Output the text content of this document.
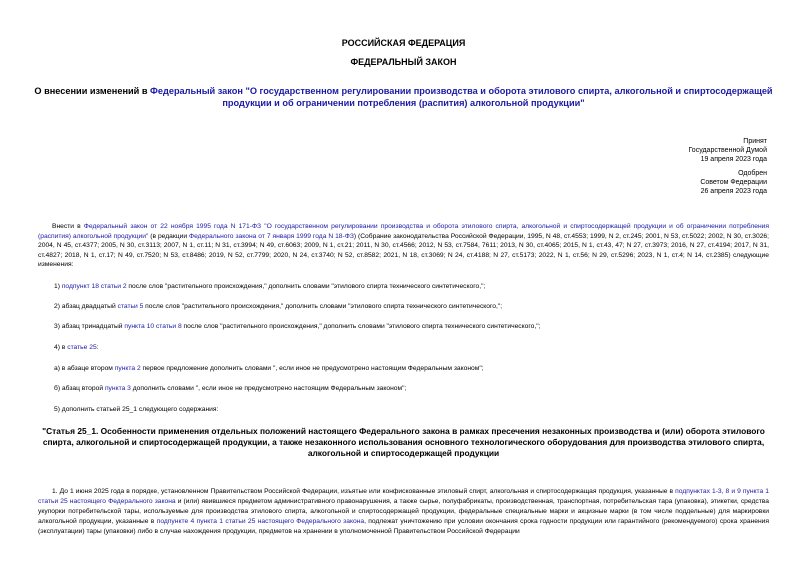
РОССИЙСКАЯ ФЕДЕРАЦИЯ
ФЕДЕРАЛЬНЫЙ ЗАКОН
О внесении изменений в Федеральный закон "О государственном регулировании производства и оборота этилового спирта, алкогольной и спиртосодержащей продукции и об ограничении потребления (распития) алкогольной продукции"
Принят
Государственной Думой
19 апреля 2023 года
Одобрен
Советом Федерации
26 апреля 2023 года
Внести в Федеральный закон от 22 ноября 1995 года N 171-ФЗ "О государственном регулировании производства и оборота этилового спирта, алкогольной и спиртосодержащей продукции и об ограничении потребления (распития) алкогольной продукции" (в редакции Федерального закона от 7 января 1999 года N 18-ФЗ) (Собрание законодательства Российской Федерации, 1995, N 48, ст.4553; 1999, N 2, ст.245; 2001, N 53, ст.5022; 2002, N 30, ст.3026; 2004, N 45, ст.4377; 2005, N 30, ст.3113; 2007, N 1, ст.11; N 31, ст.3994; N 49, ст.6063; 2009, N 1, ст.21; 2011, N 30, ст.4566; 2012, N 53, ст.7584, 7611; 2013, N 30, ст.4065; 2015, N 1, ст.43, 47; N 27, ст.3973; 2016, N 27, ст.4194; 2017, N 31, ст.4827; 2018, N 1, ст.17; N 49, ст.7520; N 53, ст.8486; 2019, N 52, ст.7799; 2020, N 24, ст.3740; N 52, ст.8582; 2021, N 18, ст.3069; N 24, ст.4188; N 27, ст.5173; 2022, N 1, ст.56; N 29, ст.5296; 2023, N 1, ст.4; N 14, ст.2385) следующие изменения:
1) подпункт 18 статьи 2 после слов "растительного происхождения," дополнить словами "этилового спирта технического синтетического,";
2) абзац двадцатый статьи 5 после слов "растительного происхождения," дополнить словами "этилового спирта технического синтетического,";
3) абзац тринадцатый пункта 10 статьи 8 после слов "растительного происхождения," дополнить словами "этилового спирта технического синтетического,";
4) в статье 25:
а) в абзаце втором пункта 2 первое предложение дополнить словами ", если иное не предусмотрено настоящим Федеральным законом";
б) абзац второй пункта 3 дополнить словами ", если иное не предусмотрено настоящим Федеральным законом";
5) дополнить статьей 25_1 следующего содержания:
"Статья 25_1. Особенности применения отдельных положений настоящего Федерального закона в рамках пресечения незаконных производства и (или) оборота этилового спирта, алкогольной и спиртосодержащей продукции, а также незаконного использования основного технологического оборудования для производства этилового спирта, алкогольной и спиртосодержащей продукции
1. До 1 июня 2025 года в порядке, установленном Правительством Российской Федерации, изъятые или конфискованные этиловый спирт, алкогольная и спиртосодержащая продукция, указанные в подпунктах 1-3, 8 и 9 пункта 1 статьи 25 настоящего Федерального закона и (или) явившиеся предметом административного правонарушения, а также сырье, полуфабрикаты, производственная, транспортная, потребительская тара (упаковка), этикетки, средства укупорки потребительской тары, используемые для производства этилового спирта, алкогольной и спиртосодержащей продукции, федеральные специальные марки и акцизные марки (в том числе поддельные) для маркировки алкогольной продукции, указанные в подпункте 4 пункта 1 статьи 25 настоящего Федерального закона, подлежат уничтожению при условии окончания срока годности продукции или гарантийного (рекомендуемого) срока хранения (эксплуатации) тары (упаковки) либо в случае нахождения продукции, предметов на хранении в уполномоченной Правительством Российской Федерации
